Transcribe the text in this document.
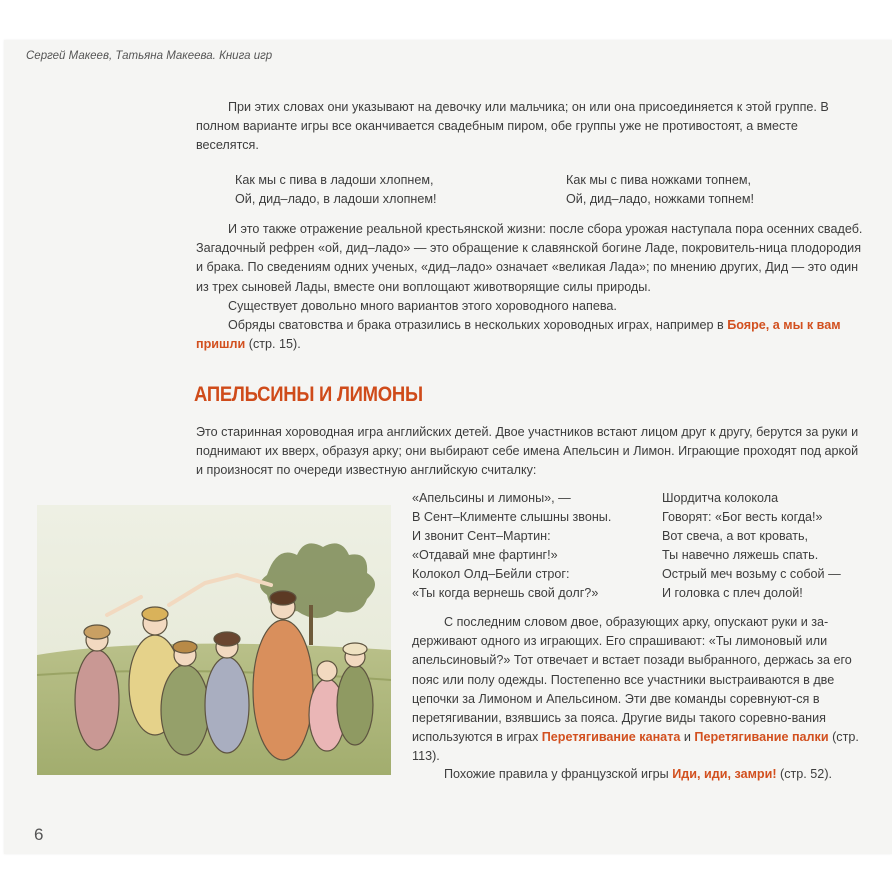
Сергей Макеев, Татьяна Макеева. Книга игр
При этих словах они указывают на девочку или мальчика; он или она присоединяется к этой группе. В полном варианте игры все оканчивается свадебным пиром, обе группы уже не противостоят, а вместе веселятся.
Как мы с пива в ладоши хлопнем,
Ой, дид–ладо, в ладоши хлопнем!
Как мы с пива ножками топнем,
Ой, дид–ладо, ножками топнем!
И это также отражение реальной крестьянской жизни: после сбора урожая наступала пора осенних свадеб. Загадочный рефрен «ой, дид–ладо» — это обращение к славянской богине Ладе, покровитель-ница плодородия и брака. По сведениям одних ученых, «дид–ладо» означает «великая Лада»; по мнению других, Дид — это один из трех сыновей Лады, вместе они воплощают животворящие силы природы.
Существует довольно много вариантов этого хороводного напева.
Обряды сватовства и брака отразились в нескольких хороводных играх, например в Бояре, а мы к вам пришли (стр. 15).
АПЕЛЬСИНЫ И ЛИМОНЫ
Это старинная хороводная игра английских детей. Двое участников встают лицом друг к другу, берутся за руки и поднимают их вверх, образуя арку; они выбирают себе имена Апельсин и Лимон. Играющие проходят под аркой и произносят по очереди известную английскую считалку:
«Апельсины и лимоны», —
В Сент–Клименте слышны звоны.
И звонит Сент–Мартин:
«Отдавай мне фартинг!»
Колокол Олд–Бейли строг:
«Ты когда вернешь свой долг?»
Шордитча колокола
Говорят: «Бог весть когда!»
Вот свеча, а вот кровать,
Ты навечно ляжешь спать.
Острый меч возьму с собой —
И головка с плеч долой!
С последним словом двое, образующих арку, опускают руки и за-держивают одного из играющих. Его спрашивают: «Ты лимоновый или апельсиновый?» Тот отвечает и встает позади выбранного, держась за его пояс или полу одежды. Постепенно все участники выстраиваются в две цепочки за Лимоном и Апельсином. Эти две команды соревнуют-ся в перетягивании, взявшись за пояса. Другие виды такого соревно-вания используются в играх Перетягивание каната и Перетягивание палки (стр. 113).
Похожие правила у французской игры Иди, иди, замри! (стр. 52).
6
